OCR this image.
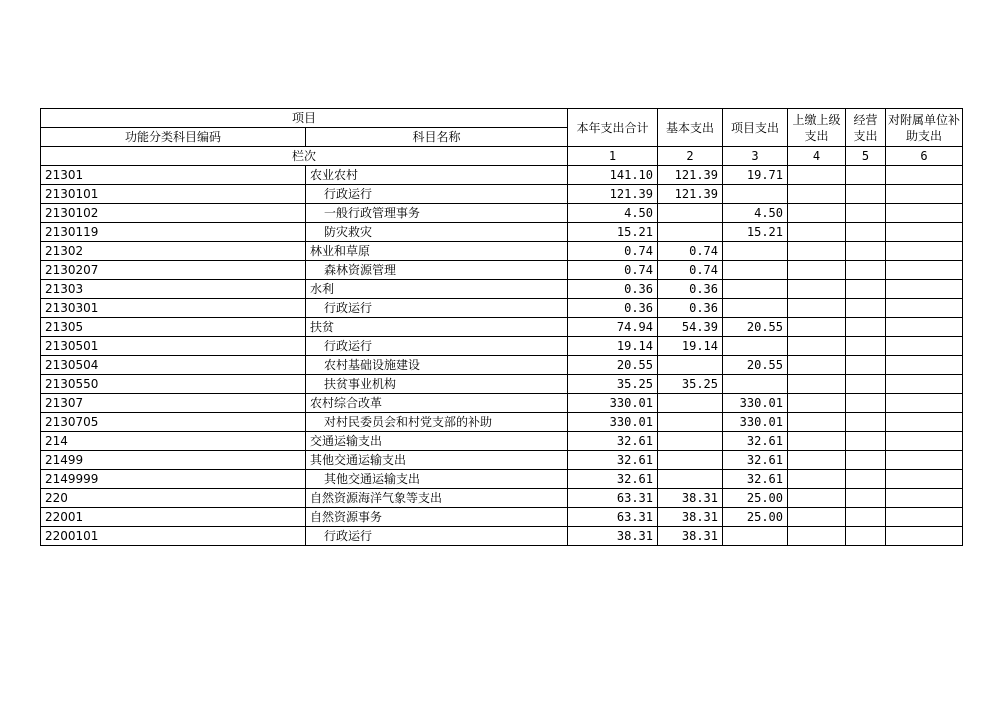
项目		本年支出合计	基本支出	项目支出	上缴上级支出	经营支出	对附属单位补助支出
功能分类科目编码	科目名称						
栏次		1	2	3	4	5	6
21301	农业农村	141.10	121.39	19.71			
2130101	行政运行	121.39	121.39				
2130102	一般行政管理事务	4.50		4.50			
2130119	防灾救灾	15.21		15.21			
21302	林业和草原	0.74	0.74				
2130207	森林资源管理	0.74	0.74				
21303	水利	0.36	0.36				
2130301	行政运行	0.36	0.36				
21305	扶贫	74.94	54.39	20.55			
2130501	行政运行	19.14	19.14				
2130504	农村基础设施建设	20.55		20.55			
2130550	扶贫事业机构	35.25	35.25				
21307	农村综合改革	330.01		330.01			
2130705	对村民委员会和村党支部的补助	330.01		330.01			
214	交通运输支出	32.61		32.61			
21499	其他交通运输支出	32.61		32.61			
2149999	其他交通运输支出	32.61		32.61			
220	自然资源海洋气象等支出	63.31	38.31	25.00			
22001	自然资源事务	63.31	38.31	25.00			
2200101	行政运行	38.31	38.31				
